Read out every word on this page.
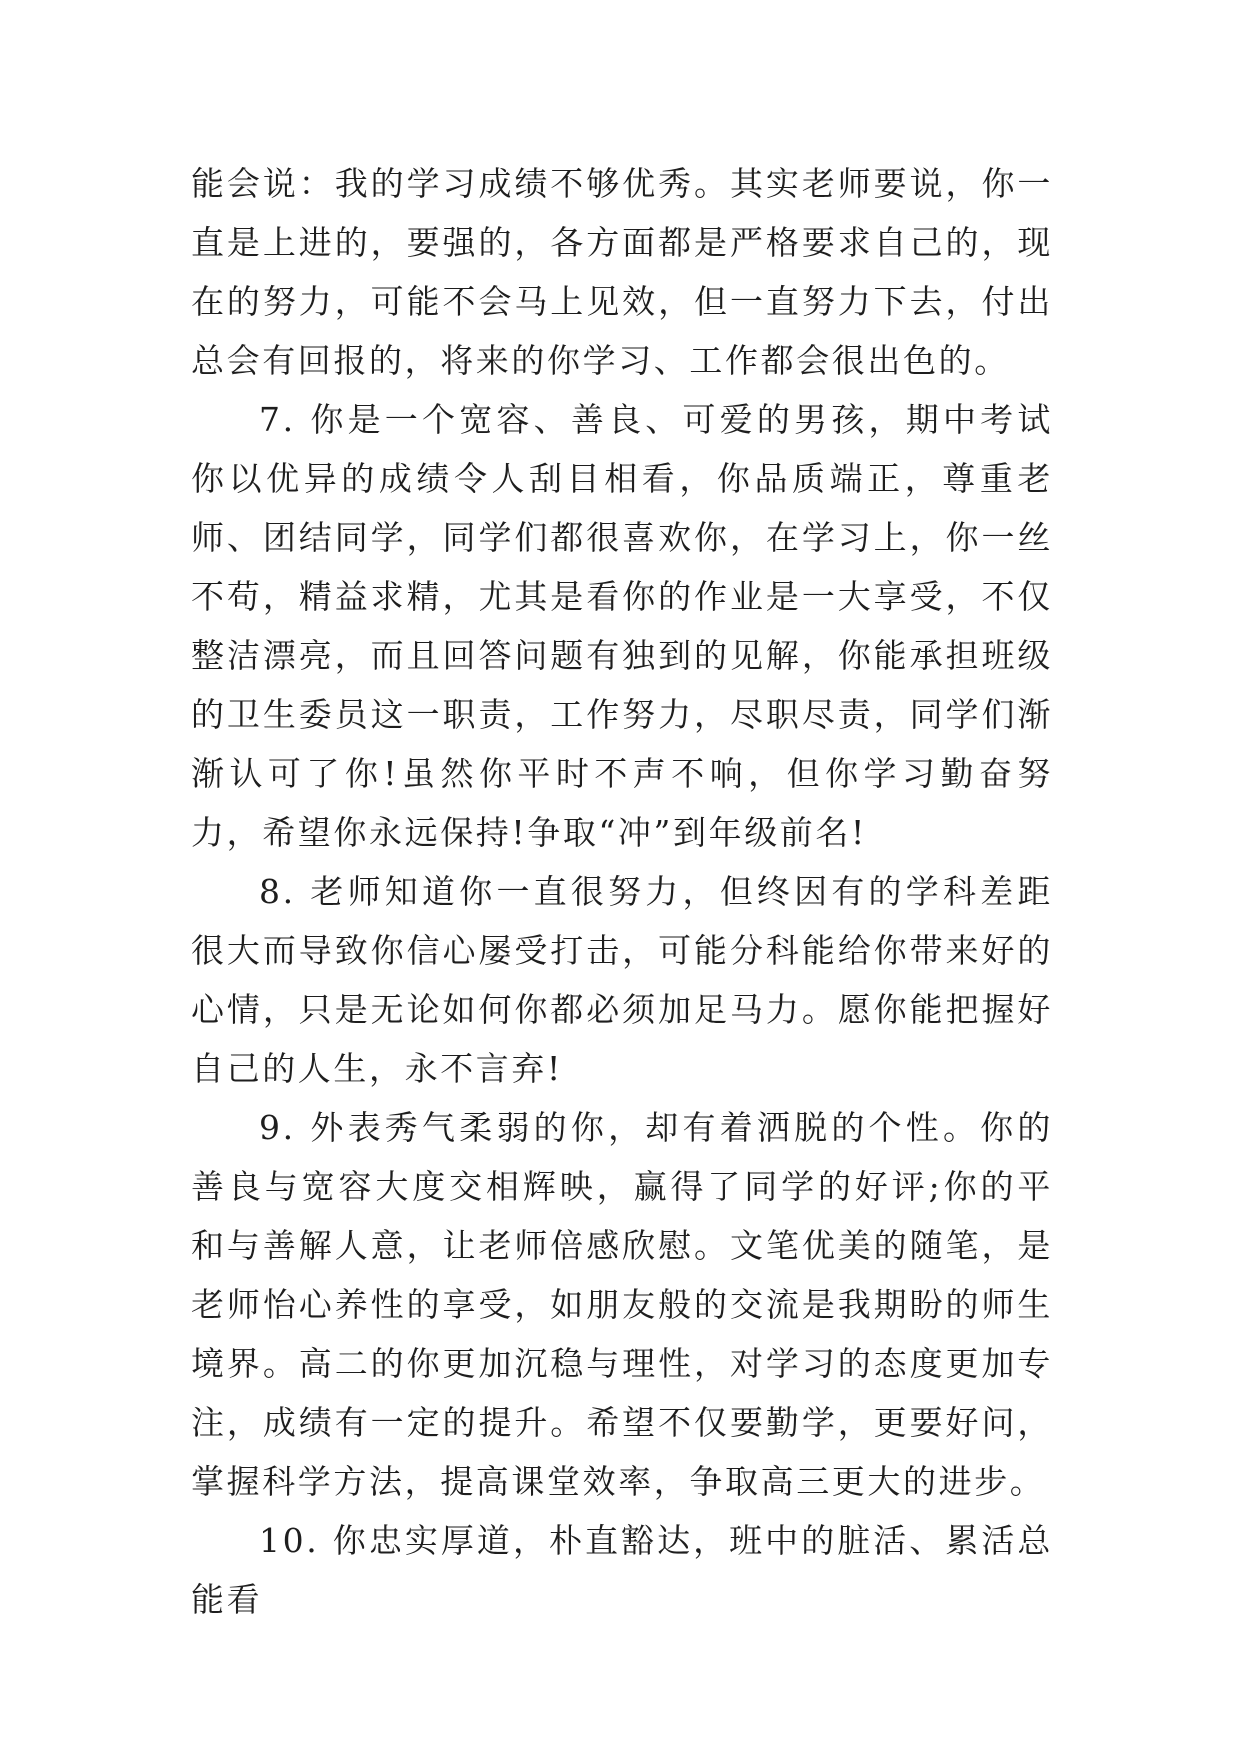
能会说：我的学习成绩不够优秀。其实老师要说，你一直是上进的，要强的，各方面都是严格要求自己的，现在的努力，可能不会马上见效，但一直努力下去，付出总会有回报的，将来的你学习、工作都会很出色的。

7. 你是一个宽容、善良、可爱的男孩，期中考试你以优异的成绩令人刮目相看，你品质端正，尊重老师、团结同学，同学们都很喜欢你，在学习上，你一丝不苟，精益求精，尤其是看你的作业是一大享受，不仅整洁漂亮，而且回答问题有独到的见解，你能承担班级的卫生委员这一职责，工作努力，尽职尽责，同学们渐渐认可了你!虽然你平时不声不响，但你学习勤奋努力，希望你永远保持!争取“冲”到年级前名!

8. 老师知道你一直很努力，但终因有的学科差距很大而导致你信心屡受打击，可能分科能给你带来好的心情，只是无论如何你都必须加足马力。愿你能把握好自己的人生，永不言弃!

9. 外表秀气柔弱的你，却有着洒脱的个性。你的善良与宽容大度交相辉映，赢得了同学的好评;你的平和与善解人意，让老师倍感欣慰。文笔优美的随笔，是老师怡心养性的享受，如朋友般的交流是我期盼的师生境界。高二的你更加沉稳与理性，对学习的态度更加专注，成绩有一定的提升。希望不仅要勤学，更要好问，掌握科学方法，提高课堂效率，争取高三更大的进步。

10. 你忠实厚道，朴直豁达，班中的脏活、累活总能看
